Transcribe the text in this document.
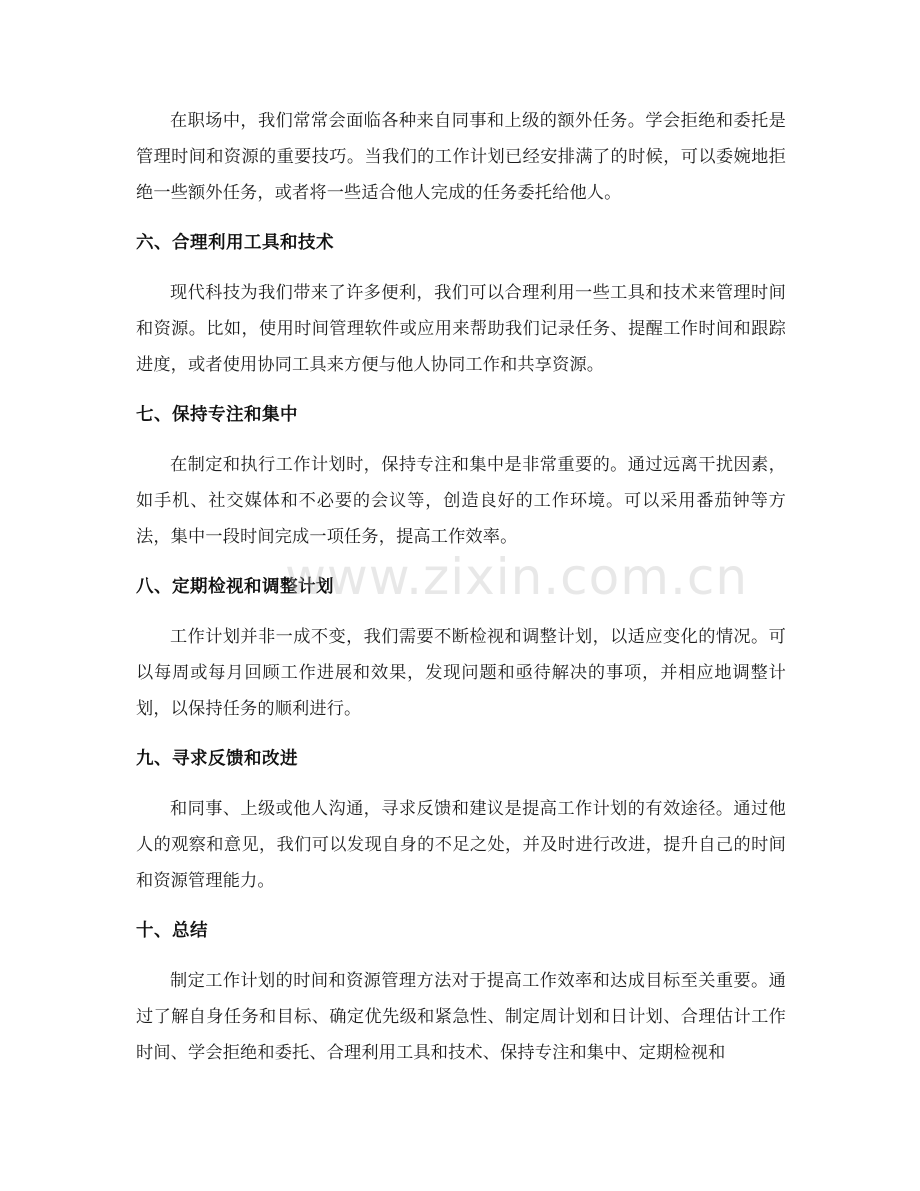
在职场中，我们常常会面临各种来自同事和上级的额外任务。学会拒绝和委托是管理时间和资源的重要技巧。当我们的工作计划已经安排满了的时候，可以委婉地拒绝一些额外任务，或者将一些适合他人完成的任务委托给他人。

六、合理利用工具和技术

现代科技为我们带来了许多便利，我们可以合理利用一些工具和技术来管理时间和资源。比如，使用时间管理软件或应用来帮助我们记录任务、提醒工作时间和跟踪进度，或者使用协同工具来方便与他人协同工作和共享资源。

七、保持专注和集中

在制定和执行工作计划时，保持专注和集中是非常重要的。通过远离干扰因素，如手机、社交媒体和不必要的会议等，创造良好的工作环境。可以采用番茄钟等方法，集中一段时间完成一项任务，提高工作效率。

八、定期检视和调整计划

工作计划并非一成不变，我们需要不断检视和调整计划，以适应变化的情况。可以每周或每月回顾工作进展和效果，发现问题和亟待解决的事项，并相应地调整计划，以保持任务的顺利进行。

九、寻求反馈和改进

和同事、上级或他人沟通，寻求反馈和建议是提高工作计划的有效途径。通过他人的观察和意见，我们可以发现自身的不足之处，并及时进行改进，提升自己的时间和资源管理能力。

十、总结

制定工作计划的时间和资源管理方法对于提高工作效率和达成目标至关重要。通过了解自身任务和目标、确定优先级和紧急性、制定周计划和日计划、合理估计工作时间、学会拒绝和委托、合理利用工具和技术、保持专注和集中、定期检视和

www.zixin.com.cn
